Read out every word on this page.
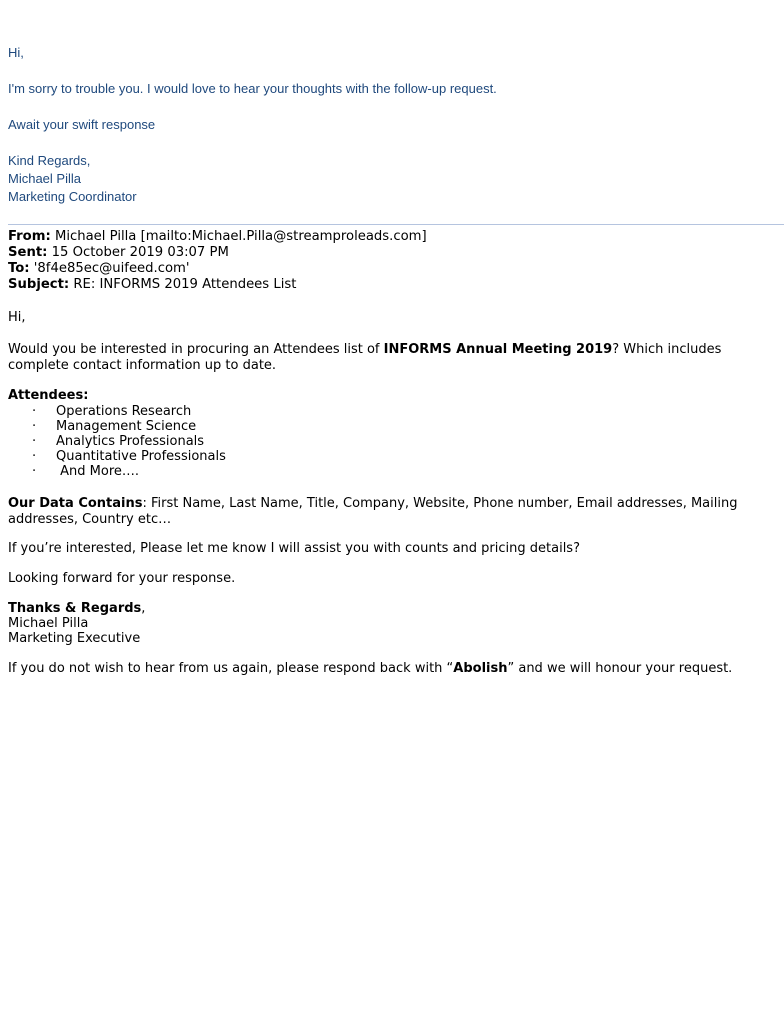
Hi,
I'm sorry to trouble you. I would love to hear your thoughts with the follow-up request.
Await your swift response
Kind Regards,
Michael Pilla
Marketing Coordinator
From: Michael Pilla [mailto:Michael.Pilla@streamproleads.com]
Sent: 15 October 2019 03:07 PM
To: '8f4e85ec@uifeed.com'
Subject: RE: INFORMS 2019 Attendees List
Hi,
Would you be interested in procuring an Attendees list of INFORMS Annual Meeting 2019? Which includes complete contact information up to date.
Attendees:
· Operations Research
· Management Science
· Analytics Professionals
· Quantitative Professionals
· And More….
Our Data Contains: First Name, Last Name, Title, Company, Website, Phone number, Email addresses, Mailing addresses, Country etc…
If you’re interested, Please let me know I will assist you with counts and pricing details?
Looking forward for your response.
Thanks & Regards,
Michael Pilla
Marketing Executive
If you do not wish to hear from us again, please respond back with “Abolish” and we will honour your request.
